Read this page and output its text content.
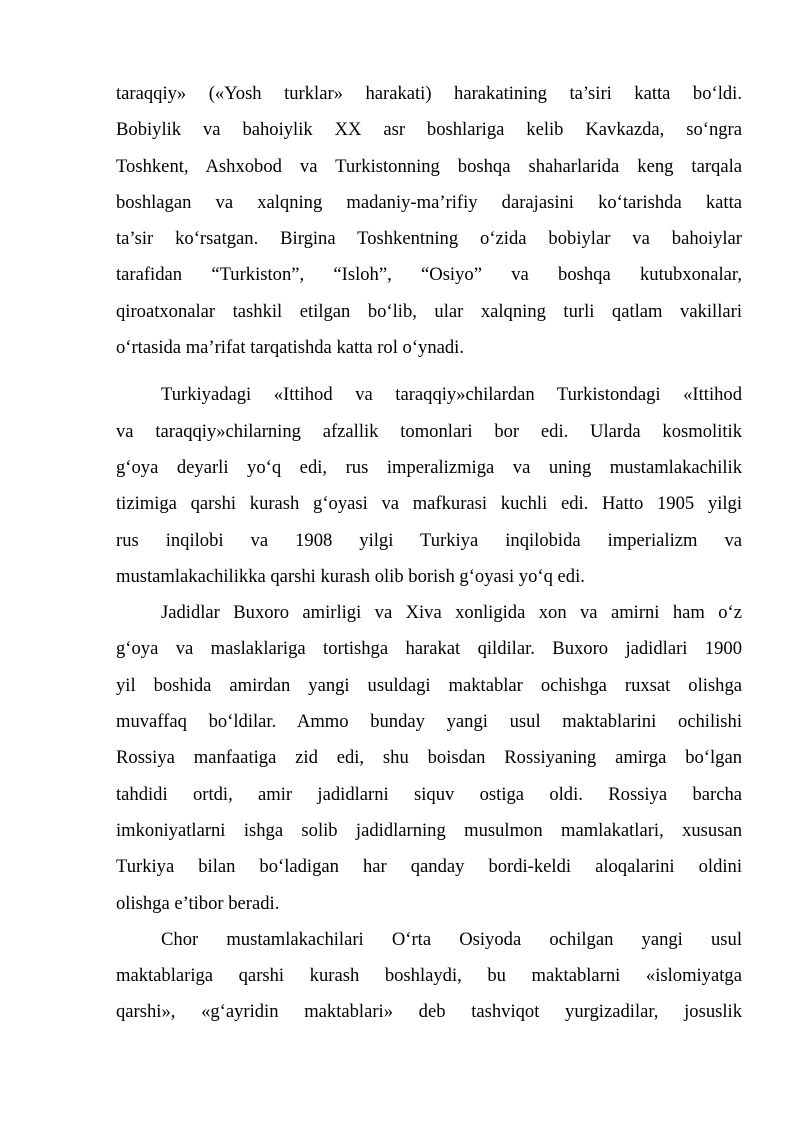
taraqqiy» («Yosh turklar» harakati) harakatining ta’siri katta bo‘ldi.
Bobiylik va bahoiylik XX asr boshlariga kelib Kavkazda, so‘ngra
Toshkent, Ashxobod va Turkistonning boshqa shaharlarida keng tarqala
boshlagan va xalqning madaniy-ma’rifiy darajasini ko‘tarishda katta
ta’sir ko‘rsatgan. Birgina Toshkentning o‘zida bobiylar va bahoiylar
tarafidan “Turkiston”, “Isloh”, “Osiyo” va boshqa kutubxonalar,
qiroatxonalar tashkil etilgan bo‘lib, ular xalqning turli qatlam vakillari
o‘rtasida ma’rifat tarqatishda katta rol o‘ynadi.
Turkiyadagi «Ittihod va taraqqiy»chilardan Turkistondagi «Ittihod
va taraqqiy»chilarning afzallik tomonlari bor edi. Ularda kosmolitik
g‘oya deyarli yo‘q edi, rus imperalizmiga va uning mustamlakachilik
tizimiga qarshi kurash g‘oyasi va mafkurasi kuchli edi. Hatto 1905 yilgi
rus inqilobi va 1908 yilgi Turkiya inqilobida imperializm va
mustamlakachilikka qarshi kurash olib borish g‘oyasi yo‘q edi.
Jadidlar Buxoro amirligi va Xiva xonligida xon va amirni ham o‘z
g‘oya va maslaklariga tortishga harakat qildilar. Buxoro jadidlari 1900
yil boshida amirdan yangi usuldagi maktablar ochishga ruxsat olishga
muvaffaq bo‘ldilar. Ammo bunday yangi usul maktablarini ochilishi
Rossiya manfaatiga zid edi, shu boisdan Rossiyaning amirga bo‘lgan
tahdidi ortdi, amir jadidlarni siquv ostiga oldi. Rossiya barcha
imkoniyatlarni ishga solib jadidlarning musulmon mamlakatlari, xususan
Turkiya bilan bo‘ladigan har qanday bordi-keldi aloqalarini oldini
olishga e’tibor beradi.
Chor mustamlakachilari O‘rta Osiyoda ochilgan yangi usul
maktablariga qarshi kurash boshlaydi, bu maktablarni «islomiyatga
qarshi», «g‘ayridin maktablari» deb tashviqot yurgizadilar, josuslik
